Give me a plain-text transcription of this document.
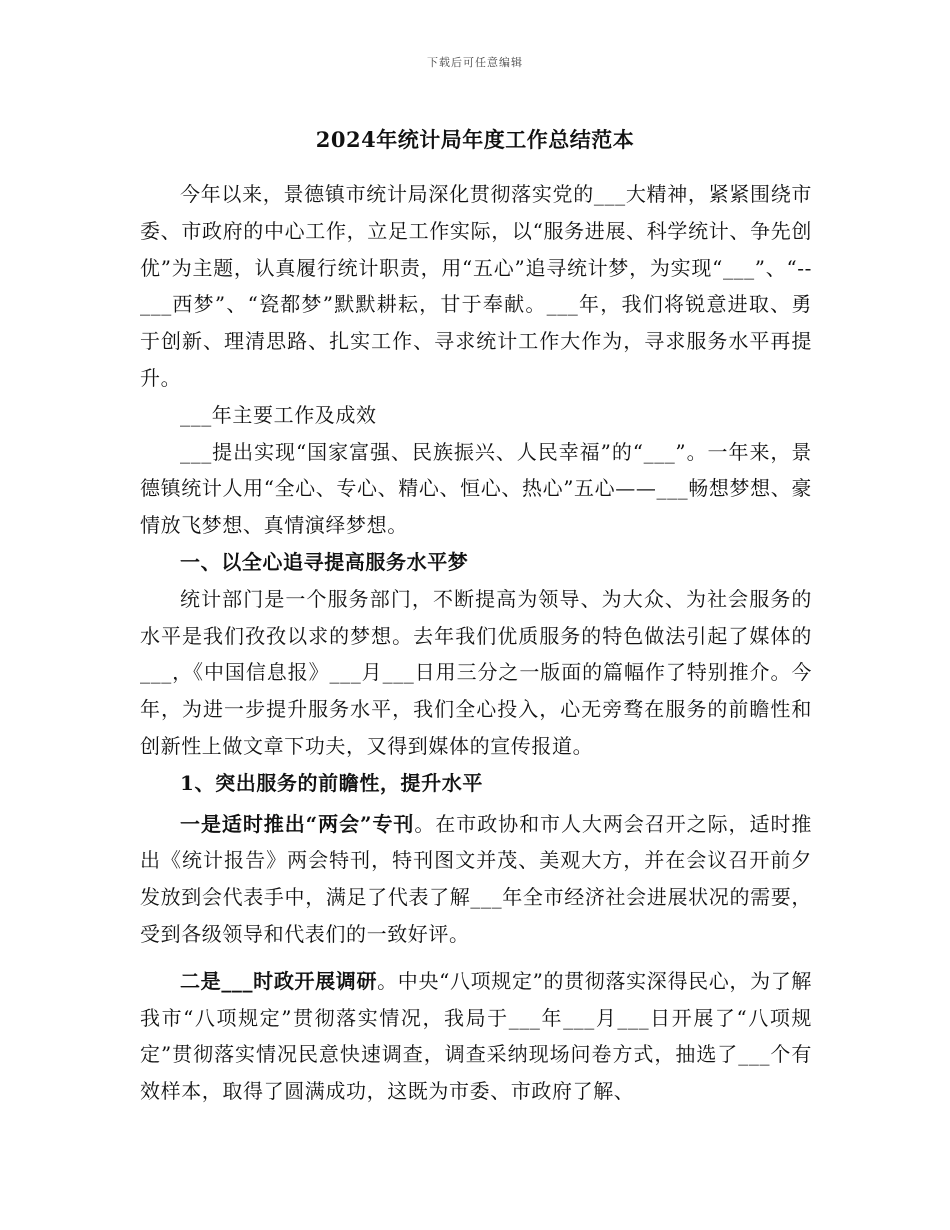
下载后可任意编辑
2024年统计局年度工作总结范本

今年以来，景德镇市统计局深化贯彻落实党的___大精神，紧紧围绕市委、市政府的中心工作，立足工作实际，以“服务进展、科学统计、争先创优”为主题，认真履行统计职责，用“五心”追寻统计梦，为实现“___”、“--___西梦”、“瓷都梦”默默耕耘，甘于奉献。___年，我们将锐意进取、勇于创新、理清思路、扎实工作、寻求统计工作大作为，寻求服务水平再提升。

___年主要工作及成效

___提出实现“国家富强、民族振兴、人民幸福”的“___”。一年来，景德镇统计人用“全心、专心、精心、恒心、热心”五心——___畅想梦想、豪情放飞梦想、真情演绎梦想。

一、以全心追寻提高服务水平梦

统计部门是一个服务部门，不断提高为领导、为大众、为社会服务的水平是我们孜孜以求的梦想。去年我们优质服务的特色做法引起了媒体的___，《中国信息报》___月___日用三分之一版面的篇幅作了特别推介。今年，为进一步提升服务水平，我们全心投入，心无旁骛在服务的前瞻性和创新性上做文章下功夫，又得到媒体的宣传报道。

1、突出服务的前瞻性，提升水平

一是适时推出“两会”专刊。在市政协和市人大两会召开之际，适时推出《统计报告》两会特刊，特刊图文并茂、美观大方，并在会议召开前夕发放到会代表手中，满足了代表了解___年全市经济社会进展状况的需要，受到各级领导和代表们的一致好评。

二是___时政开展调研。中央“八项规定”的贯彻落实深得民心，为了解我市“八项规定”贯彻落实情况，我局于___年___月___日开展了“八项规定”贯彻落实情况民意快速调查，调查采纳现场问卷方式，抽选了___个有效样本，取得了圆满成功，这既为市委、市政府了解、
